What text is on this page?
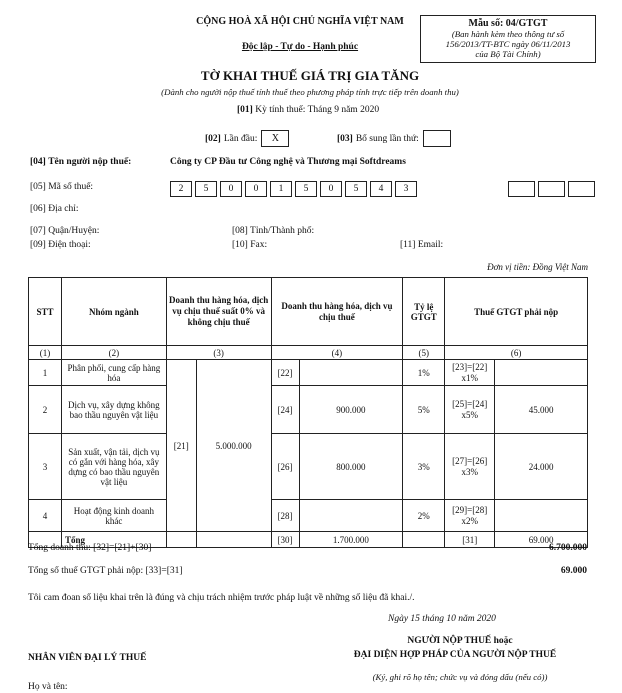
CỘNG HOÀ XÃ HỘI CHỦ NGHĨA VIỆT NAM
Độc lập - Tự do - Hạnh phúc
Mẫu số: 04/GTGT
(Ban hành kèm theo thông tư số
156/2013/TT-BTC ngày 06/11/2013
của Bộ Tài Chính)
TỜ KHAI THUẾ GIÁ TRỊ GIA TĂNG
(Dành cho người nộp thuế tính thuế theo phương pháp tính trực tiếp trên doanh thu)
[01] Kỳ tính thuế: Tháng 9 năm 2020
[02] Lần đầu:	X	[03] Bổ sung lần thứ:
[04] Tên người nộp thuế:	Công ty CP Đầu tư Công nghệ và Thương mại Softdreams
[05] Mã số thuế:	2	5	0	0	1	5	0	5	4	3
[06] Địa chỉ:
[07] Quận/Huyện:	[08] Tỉnh/Thành phố:
[09] Điện thoại:	[10] Fax:	[11] Email:
Đơn vị tiền: Đồng Việt Nam
STT	Nhóm ngành	Doanh thu hàng hóa, dịch vụ chịu thuế suất 0% và không chịu thuế		Doanh thu hàng hóa, dịch vụ chịu thuế		Tỷ lệ GTGT	Thuế GTGT phải nộp	
(1)	(2)	(3)		(4)		(5)	(6)	
1	Phân phối, cung cấp hàng hóa	[21]	5.000.000	[22]		1%	[23]=[22] x1%	
2	Dịch vụ, xây dựng không bao thầu nguyên vật liệu			[24]	900.000	5%	[25]=[24] x5%	45.000
3	Sản xuất, vận tải, dịch vụ có gắn với hàng hóa, xây dựng có bao thầu nguyên vật liệu			[26]	800.000	3%	[27]=[26] x3%	24.000
4	Hoạt động kinh doanh khác			[28]		2%	[29]=[28] x2%	
	Tổng			[30]	1.700.000		[31]	69.000
Tổng doanh thu: [32]=[21]+[30]	6.700.000
Tổng số thuế GTGT phải nộp: [33]=[31]	69.000
Tôi cam đoan số liệu khai trên là đúng và chịu trách nhiệm trước pháp luật về những số liệu đã khai./.
Ngày 15 tháng 10 năm 2020
NGƯỜI NỘP THUẾ hoặc
NHÂN VIÊN ĐẠI LÝ THUẾ	ĐẠI DIỆN HỢP PHÁP CỦA NGƯỜI NỘP THUẾ
(Ký, ghi rõ họ tên; chức vụ và đóng dấu (nếu có))
Họ và tên:
